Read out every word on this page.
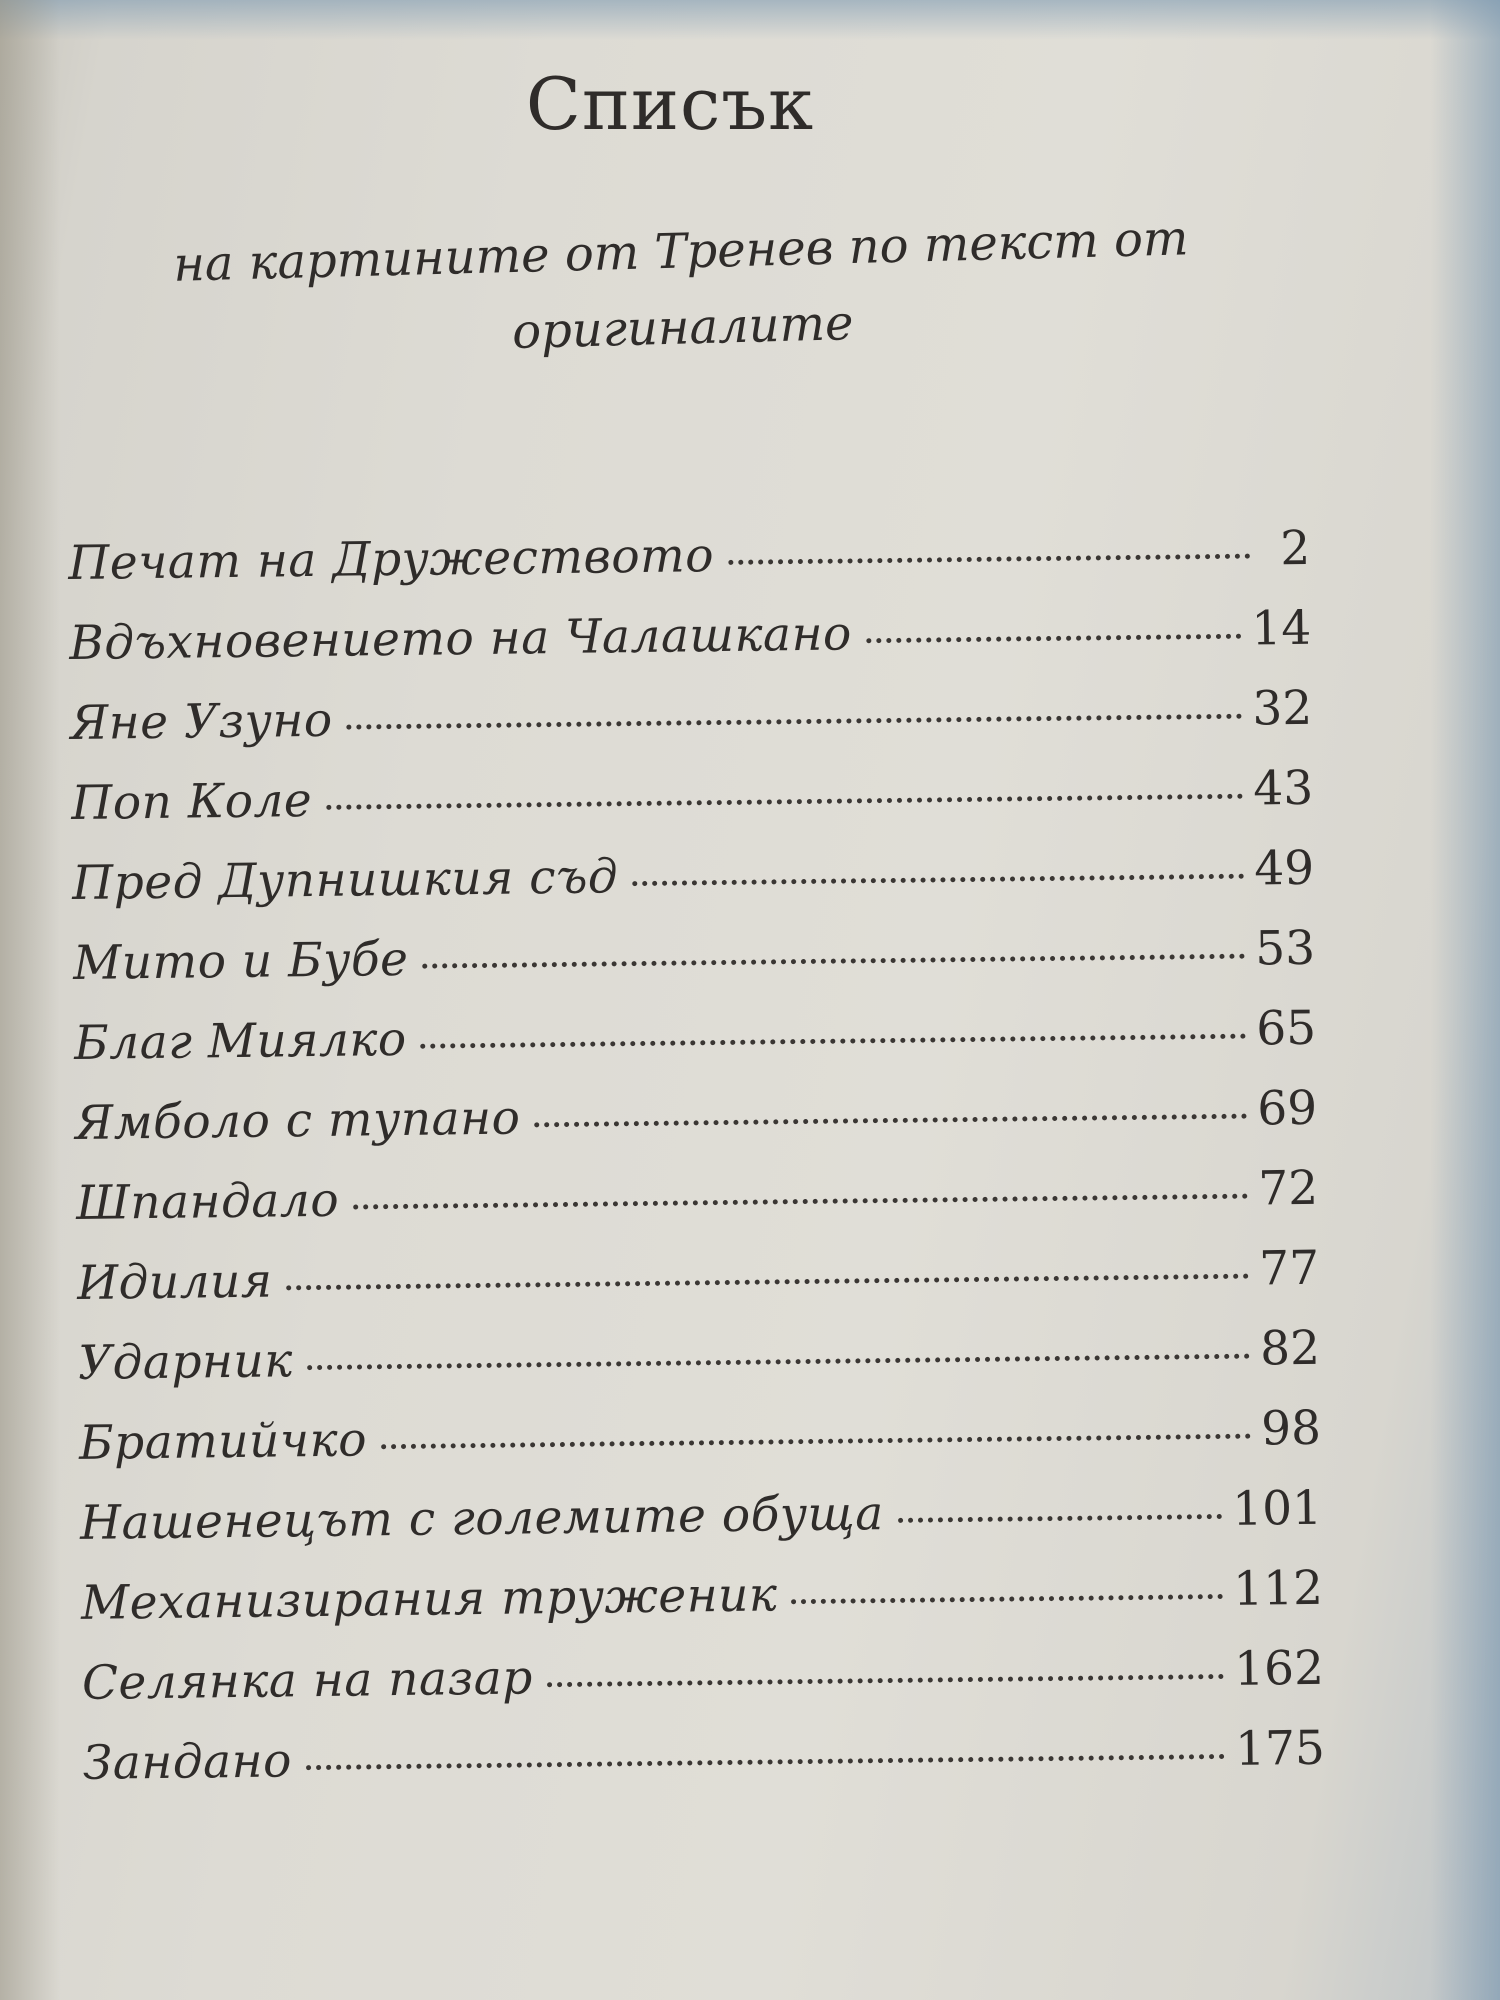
Списък
на картините от Тренев по текст от
оригиналите
Печат на Дружеството	2
Вдъхновението на Чалашкано	14
Яне Узуно	32
Поп Коле	43
Пред Дупнишкия съд	49
Мито и Бубе	53
Благ Миялко	65
Ямболо с тупано	69
Шпандало	72
Идилия	77
Ударник	82
Братийчко	98
Нашенецът с големите обуща	101
Механизирания труженик	112
Селянка на пазар	162
Зандано	175
